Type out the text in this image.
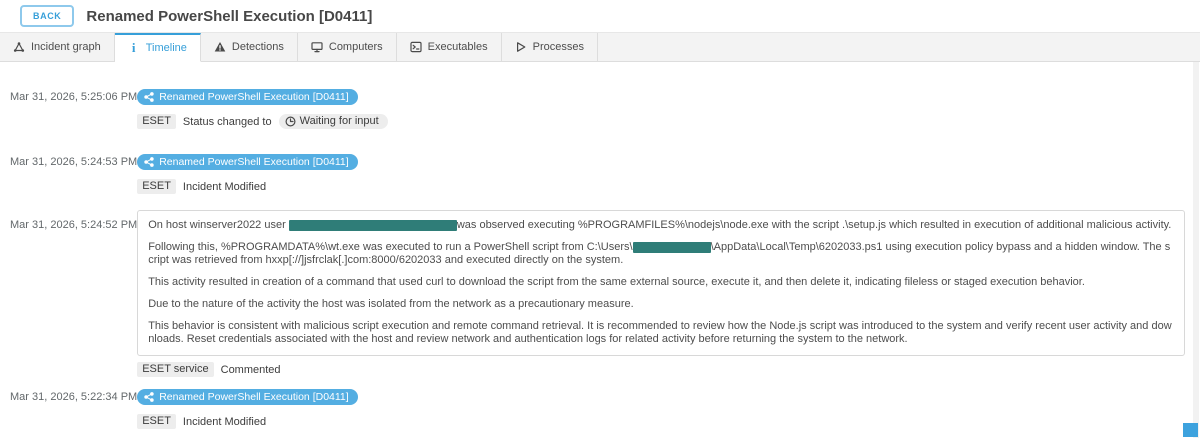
BACK	Renamed PowerShell Execution [D0411]
Incident graph	i Timeline	Detections	Computers	Executables	Processes
Mar 31, 2026, 5:25:06 PM Renamed PowerShell Execution [D0411]
ESET	Status changed to	Waiting for input
Mar 31, 2026, 5:24:53 PM Renamed PowerShell Execution [D0411]
ESET	Incident Modified
Mar 31, 2026, 5:24:52 PM On host winserver2022 user	was observed executing %PROGRAMFILES%\nodejs\node.exe with the script .\setup.js which resulted in execution of additional malicious activity.

Following this, %PROGRAMDATA%\wt.exe was executed to run a PowerShell script from C:\Users\	\AppData\Local\Temp\6202033.ps1 using execution policy bypass and a hidden window. The script was retrieved from hxxp[://]jsfrclak[.]com:8000/6202033 and executed directly on the system.

This activity resulted in creation of a command that used curl to download the script from the same external source, execute it, and then delete it, indicating fileless or staged execution behavior.

Due to the nature of the activity the host was isolated from the network as a precautionary measure.

This behavior is consistent with malicious script execution and remote command retrieval. It is recommended to review how the Node.js script was introduced to the system and verify recent user activity and downloads. Reset credentials associated with the host and review network and authentication logs for related activity before returning the system to the network.

ESET service	Commented
Mar 31, 2026, 5:22:34 PM Renamed PowerShell Execution [D0411]
ESET	Incident Modified
